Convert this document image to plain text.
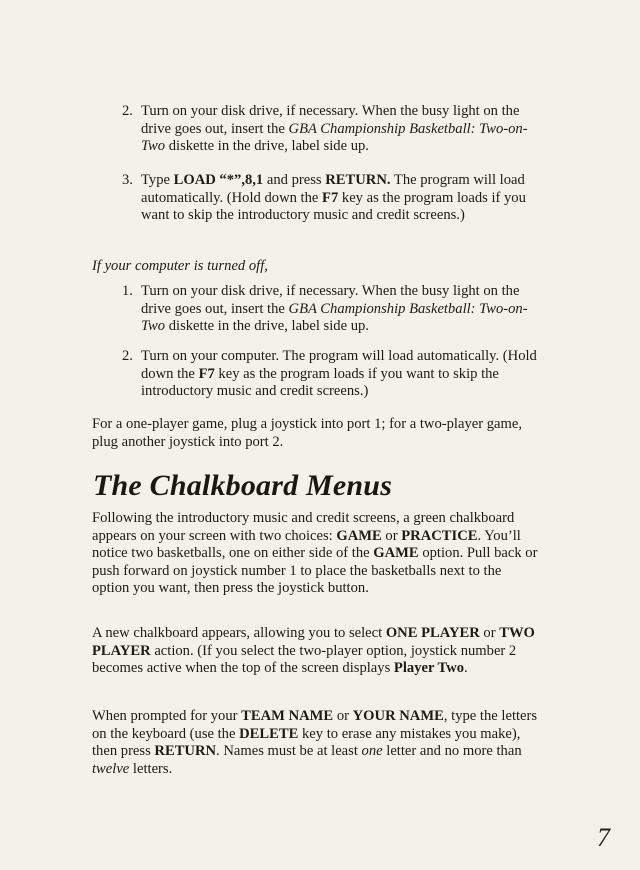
2. Turn on your disk drive, if necessary. When the busy light on the drive goes out, insert the GBA Championship Basketball: Two-on-Two diskette in the drive, label side up.
3. Type LOAD “*”,8,1 and press RETURN. The program will load automatically. (Hold down the F7 key as the program loads if you want to skip the introductory music and credit screens.)
If your computer is turned off,
1. Turn on your disk drive, if necessary. When the busy light on the drive goes out, insert the GBA Championship Basketball: Two-on-Two diskette in the drive, label side up.
2. Turn on your computer. The program will load automatically. (Hold down the F7 key as the program loads if you want to skip the introductory music and credit screens.)
For a one-player game, plug a joystick into port 1; for a two-player game, plug another joystick into port 2.
The Chalkboard Menus
Following the introductory music and credit screens, a green chalkboard appears on your screen with two choices: GAME or PRACTICE. You’ll notice two basketballs, one on either side of the GAME option. Pull back or push forward on joystick number 1 to place the basketballs next to the option you want, then press the joystick button.
A new chalkboard appears, allowing you to select ONE PLAYER or TWO PLAYER action. (If you select the two-player option, joystick number 2 becomes active when the top of the screen displays Player Two.
When prompted for your TEAM NAME or YOUR NAME, type the letters on the keyboard (use the DELETE key to erase any mistakes you make), then press RETURN. Names must be at least one letter and no more than twelve letters.
7
